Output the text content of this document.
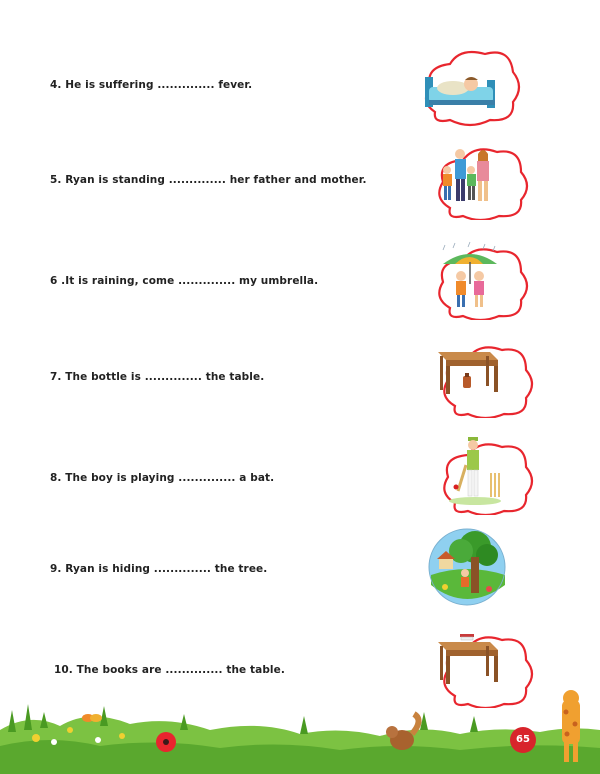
4. He is suffering .............. fever.
5. Ryan is standing .............. her father and mother.
6 .It is raining, come .............. my umbrella.
7. The bottle is .............. the table.
8. The boy is playing .............. a bat.
9. Ryan is hiding .............. the tree.
10. The books are .............. the table.
65
